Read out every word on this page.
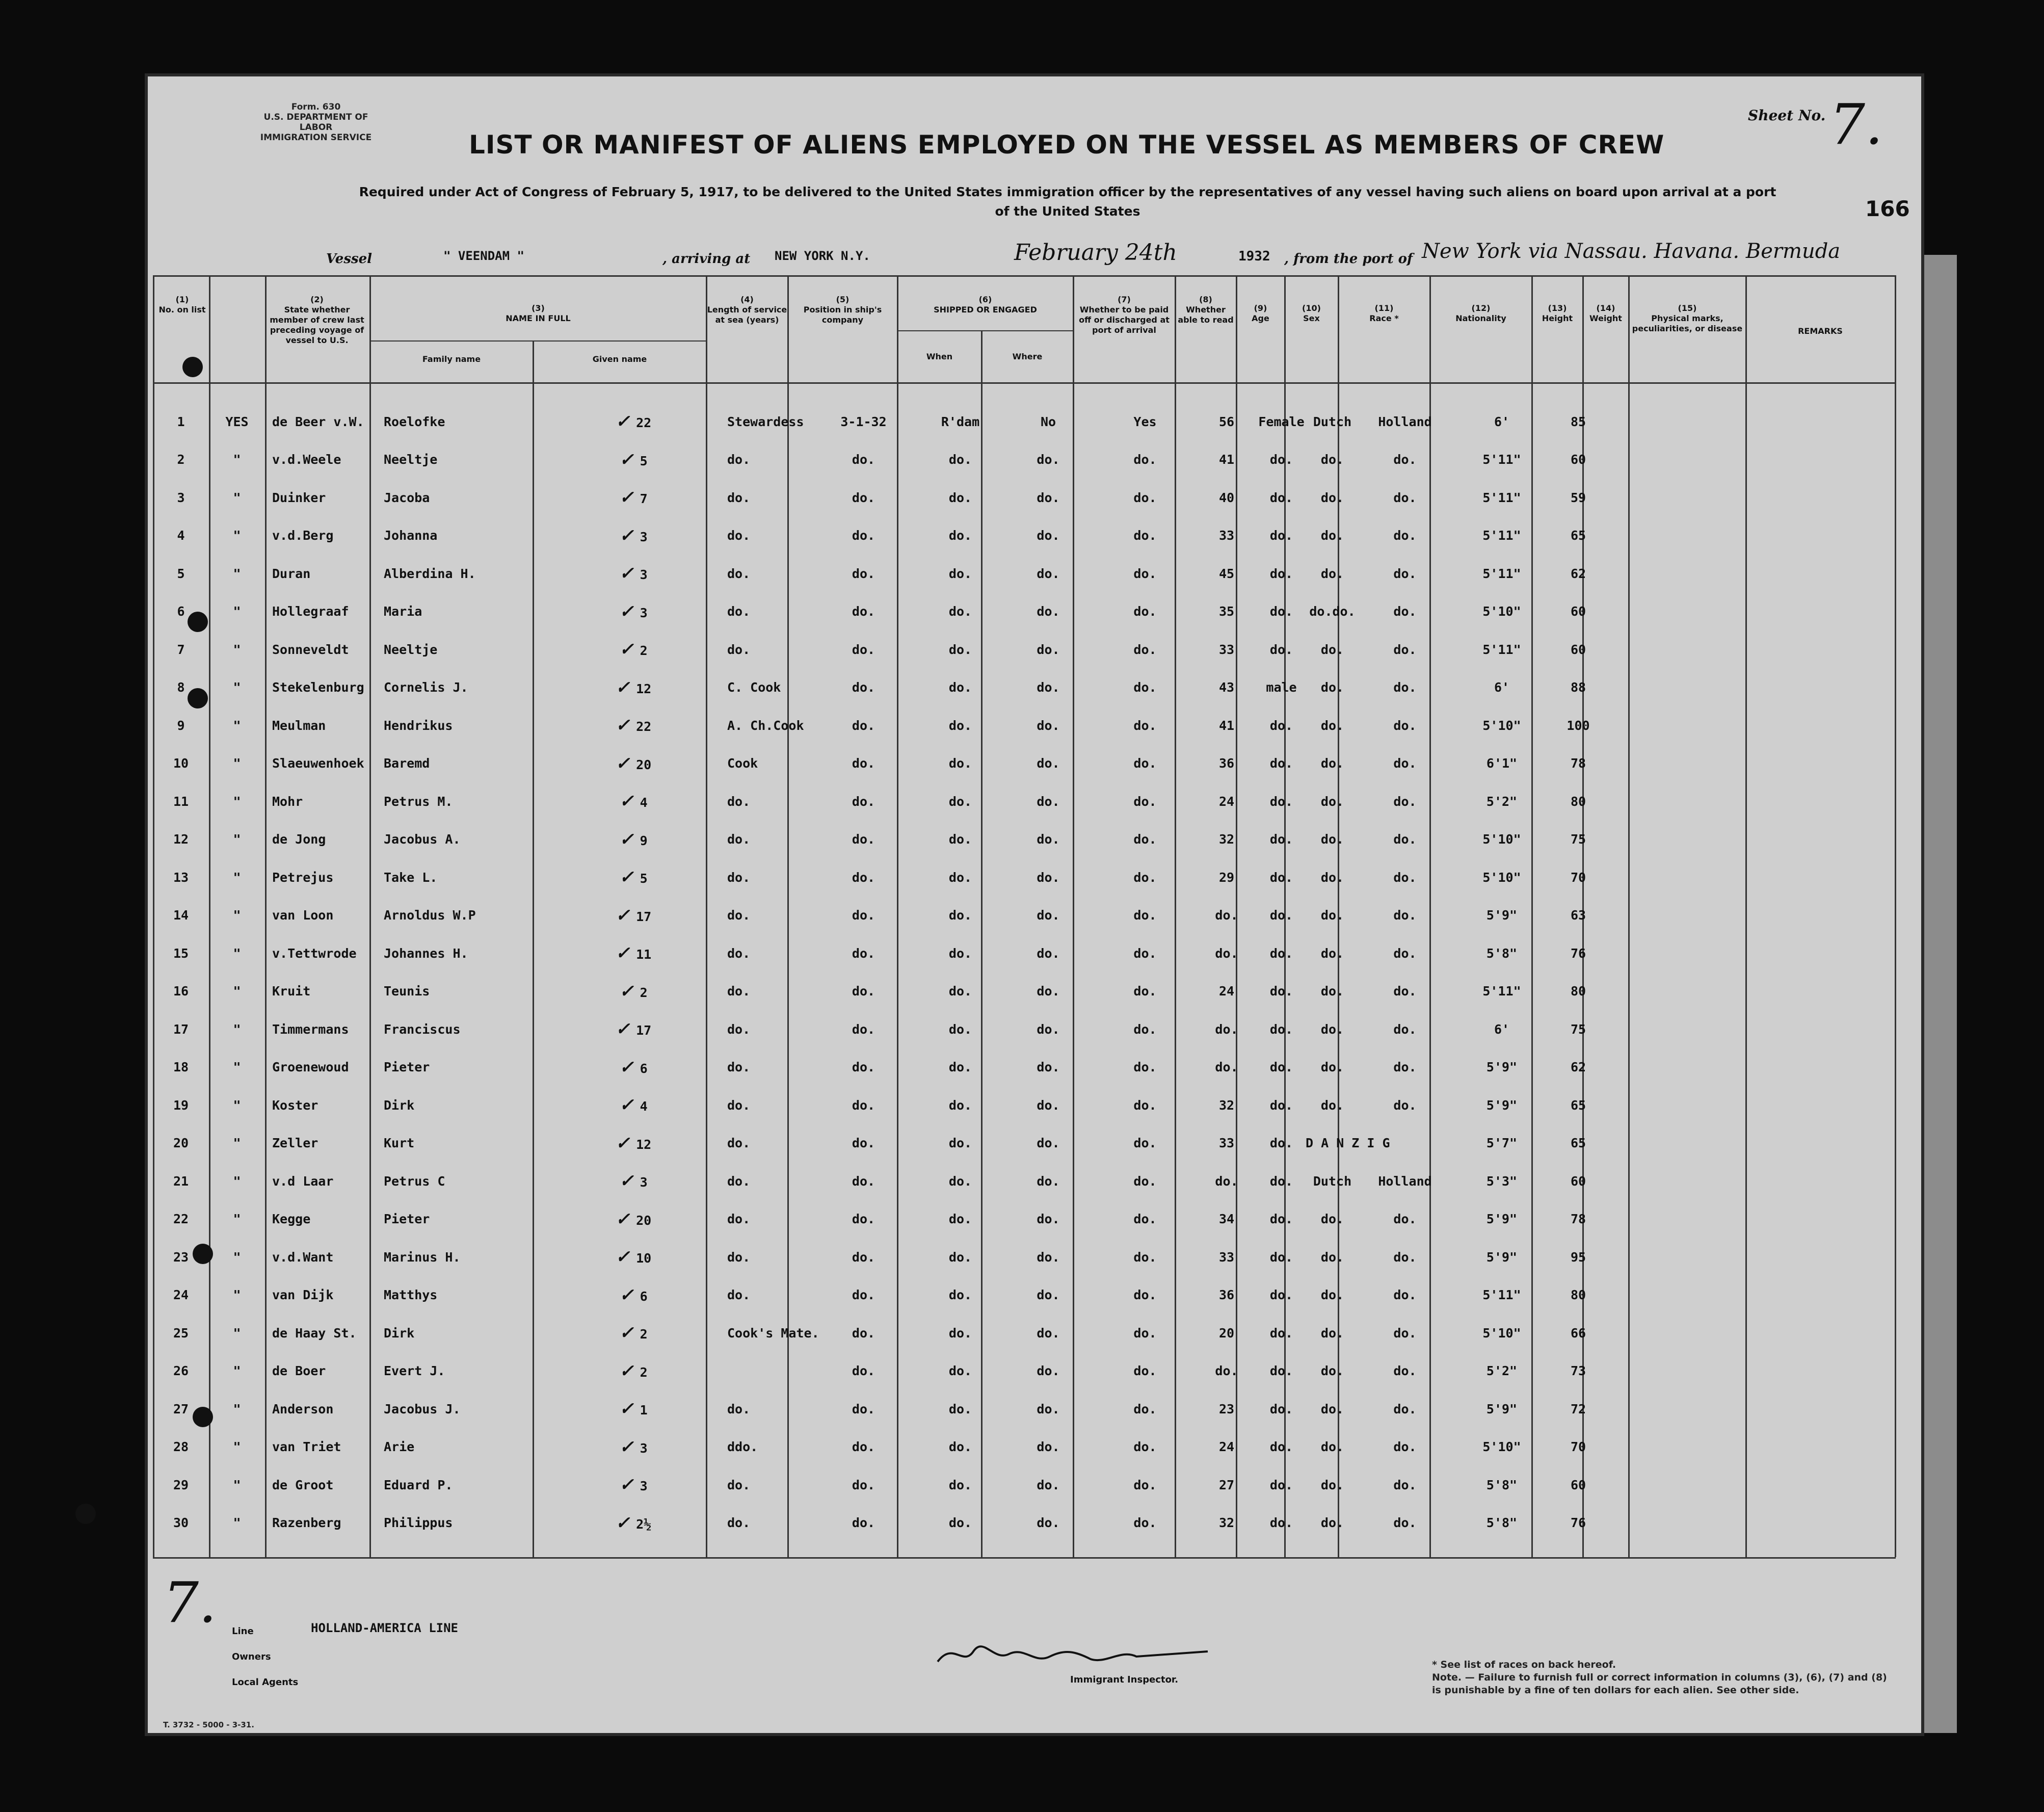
Form. 630
U.S. DEPARTMENT OF LABOR
IMMIGRATION SERVICE
Sheet No. 7.
LIST OR MANIFEST OF ALIENS EMPLOYED ON THE VESSEL AS MEMBERS OF CREW
Required under Act of Congress of February 5, 1917, to be delivered to the United States immigration officer by the representatives of any vessel having such aliens on board upon arrival at a port
of the United States	166
Vessel	" VEENDAM "	, arriving at NEW YORK N.Y.	February 24th	1932 , from the port of New York via Nassau. Havana. Bermuda
(1)
No. on list
(2)
State whether member of crew last preceding voyage of vessel to U.S.
(3)
NAME IN FULL
Family name	Given name
(4)
Length of service at sea (years)
(5)
Position in ship's company
(6)
SHIPPED OR ENGAGED
When	Where
(7)
Whether to be paid off or discharged at port of arrival
(8)
Whether able to read
(9)
Age
(10)
Sex
(11)
Race *
(12)
Nationality
(13)
Height
(14)
Weight
(15)
Physical marks, peculiarities, or disease	REMARKS
1	YES	de Beer v.W.	Roelofke	✓ 22	Stewardess	3-1-32	R'dam	No	Yes	56	Female	Dutch	Holland	6'	85
2	"	v.d.Weele	Neeltje	✓ 5	do.	do.	do.	do.	do.	41	do.	do.	do.	5'11"	60
3	"	Duinker	Jacoba	✓ 7	do.	do.	do.	do.	do.	40	do.	do.	do.	5'11"	59
4	"	v.d.Berg	Johanna	✓ 3	do.	do.	do.	do.	do.	33	do.	do.	do.	5'11"	65
5	"	Duran	Alberdina H.	✓ 3	do.	do.	do.	do.	do.	45	do.	do.	do.	5'11"	62
6	"	Hollegraaf	Maria	✓ 3	do.	do.	do.	do.	do.	35	do.	do.do.	do.	5'10"	60
7	"	Sonneveldt	Neeltje	✓ 2	do.	do.	do.	do.	do.	33	do.	do.	do.	5'11"	60
8	"	Stekelenburg	Cornelis J.	✓ 12	C. Cook	do.	do.	do.	do.	43	male	do.	do.	6'	88
9	"	Meulman	Hendrikus	✓ 22	A. Ch.Cook	do.	do.	do.	do.	41	do.	do.	do.	5'10"	100
10	"	Slaeuwenhoek	Baremd	✓ 20	Cook	do.	do.	do.	do.	36	do.	do.	do.	6'1"	78
11	"	Mohr	Petrus M.	✓ 4	do.	do.	do.	do.	do.	24	do.	do.	do.	5'2"	80
12	"	de Jong	Jacobus A.	✓ 9	do.	do.	do.	do.	do.	32	do.	do.	do.	5'10"	75
13	"	Petrejus	Take L.	✓ 5	do.	do.	do.	do.	do.	29	do.	do.	do.	5'10"	70
14	"	van Loon	Arnoldus W.P	✓ 17	do.	do.	do.	do.	do.	do.	do.	do.	do.	5'9"	63
15	"	v.Tettwrode	Johannes H.	✓ 11	do.	do.	do.	do.	do.	do.	do.	do.	do.	5'8"	76
16	"	Kruit	Teunis	✓ 2	do.	do.	do.	do.	do.	24	do.	do.	do.	5'11"	80
17	"	Timmermans	Franciscus	✓ 17	do.	do.	do.	do.	do.	do.	do.	do.	do.	6'	75
18	"	Groenewoud	Pieter	✓ 6	do.	do.	do.	do.	do.	do.	do.	do.	do.	5'9"	62
19	"	Koster	Dirk	✓ 4	do.	do.	do.	do.	do.	32	do.	do.	do.	5'9"	65
20	"	Zeller	Kurt	✓ 12	do.	do.	do.	do.	do.	33	do.	D A N Z I G		5'7"	65
21	"	v.d Laar	Petrus C	✓ 3	do.	do.	do.	do.	do.	do.	do.	Dutch	Holland	5'3"	60
22	"	Kegge	Pieter	✓ 20	do.	do.	do.	do.	do.	34	do.	do.	do.	5'9"	78
23	"	v.d.Want	Marinus H.	✓ 10	do.	do.	do.	do.	do.	33	do.	do.	do.	5'9"	95
24	"	van Dijk	Matthys	✓ 6	do.	do.	do.	do.	do.	36	do.	do.	do.	5'11"	80
25	"	de Haay St.	Dirk	✓ 2	Cook's Mate.	do.	do.	do.	do.	20	do.	do.	do.	5'10"	66
26	"	de Boer	Evert J.	✓ 2		do.	do.	do.	do.	do.	do.	do.	do.	5'2"	73
27	"	Anderson	Jacobus J.	✓ 1	do.	do.	do.	do.	do.	23	do.	do.	do.	5'9"	72
28	"	van Triet	Arie	✓ 3	ddo.	do.	do.	do.	do.	24	do.	do.	do.	5'10"	70
29	"	de Groot	Eduard P.	✓ 3	do.	do.	do.	do.	do.	27	do.	do.	do.	5'8"	60
30	"	Razenberg	Philippus	✓ 2½	do.	do.	do.	do.	do.	32	do.	do.	do.	5'8"	76
7. Line	HOLLAND-AMERICA LINE
Owners
Local Agents	Immigrant Inspector.
* See list of races on back hereof.
Note. — Failure to furnish full or correct information in columns (3), (6), (7) and (8)
is punishable by a fine of ten dollars for each alien. See other side.
T. 3732 - 5000 - 3-31.
